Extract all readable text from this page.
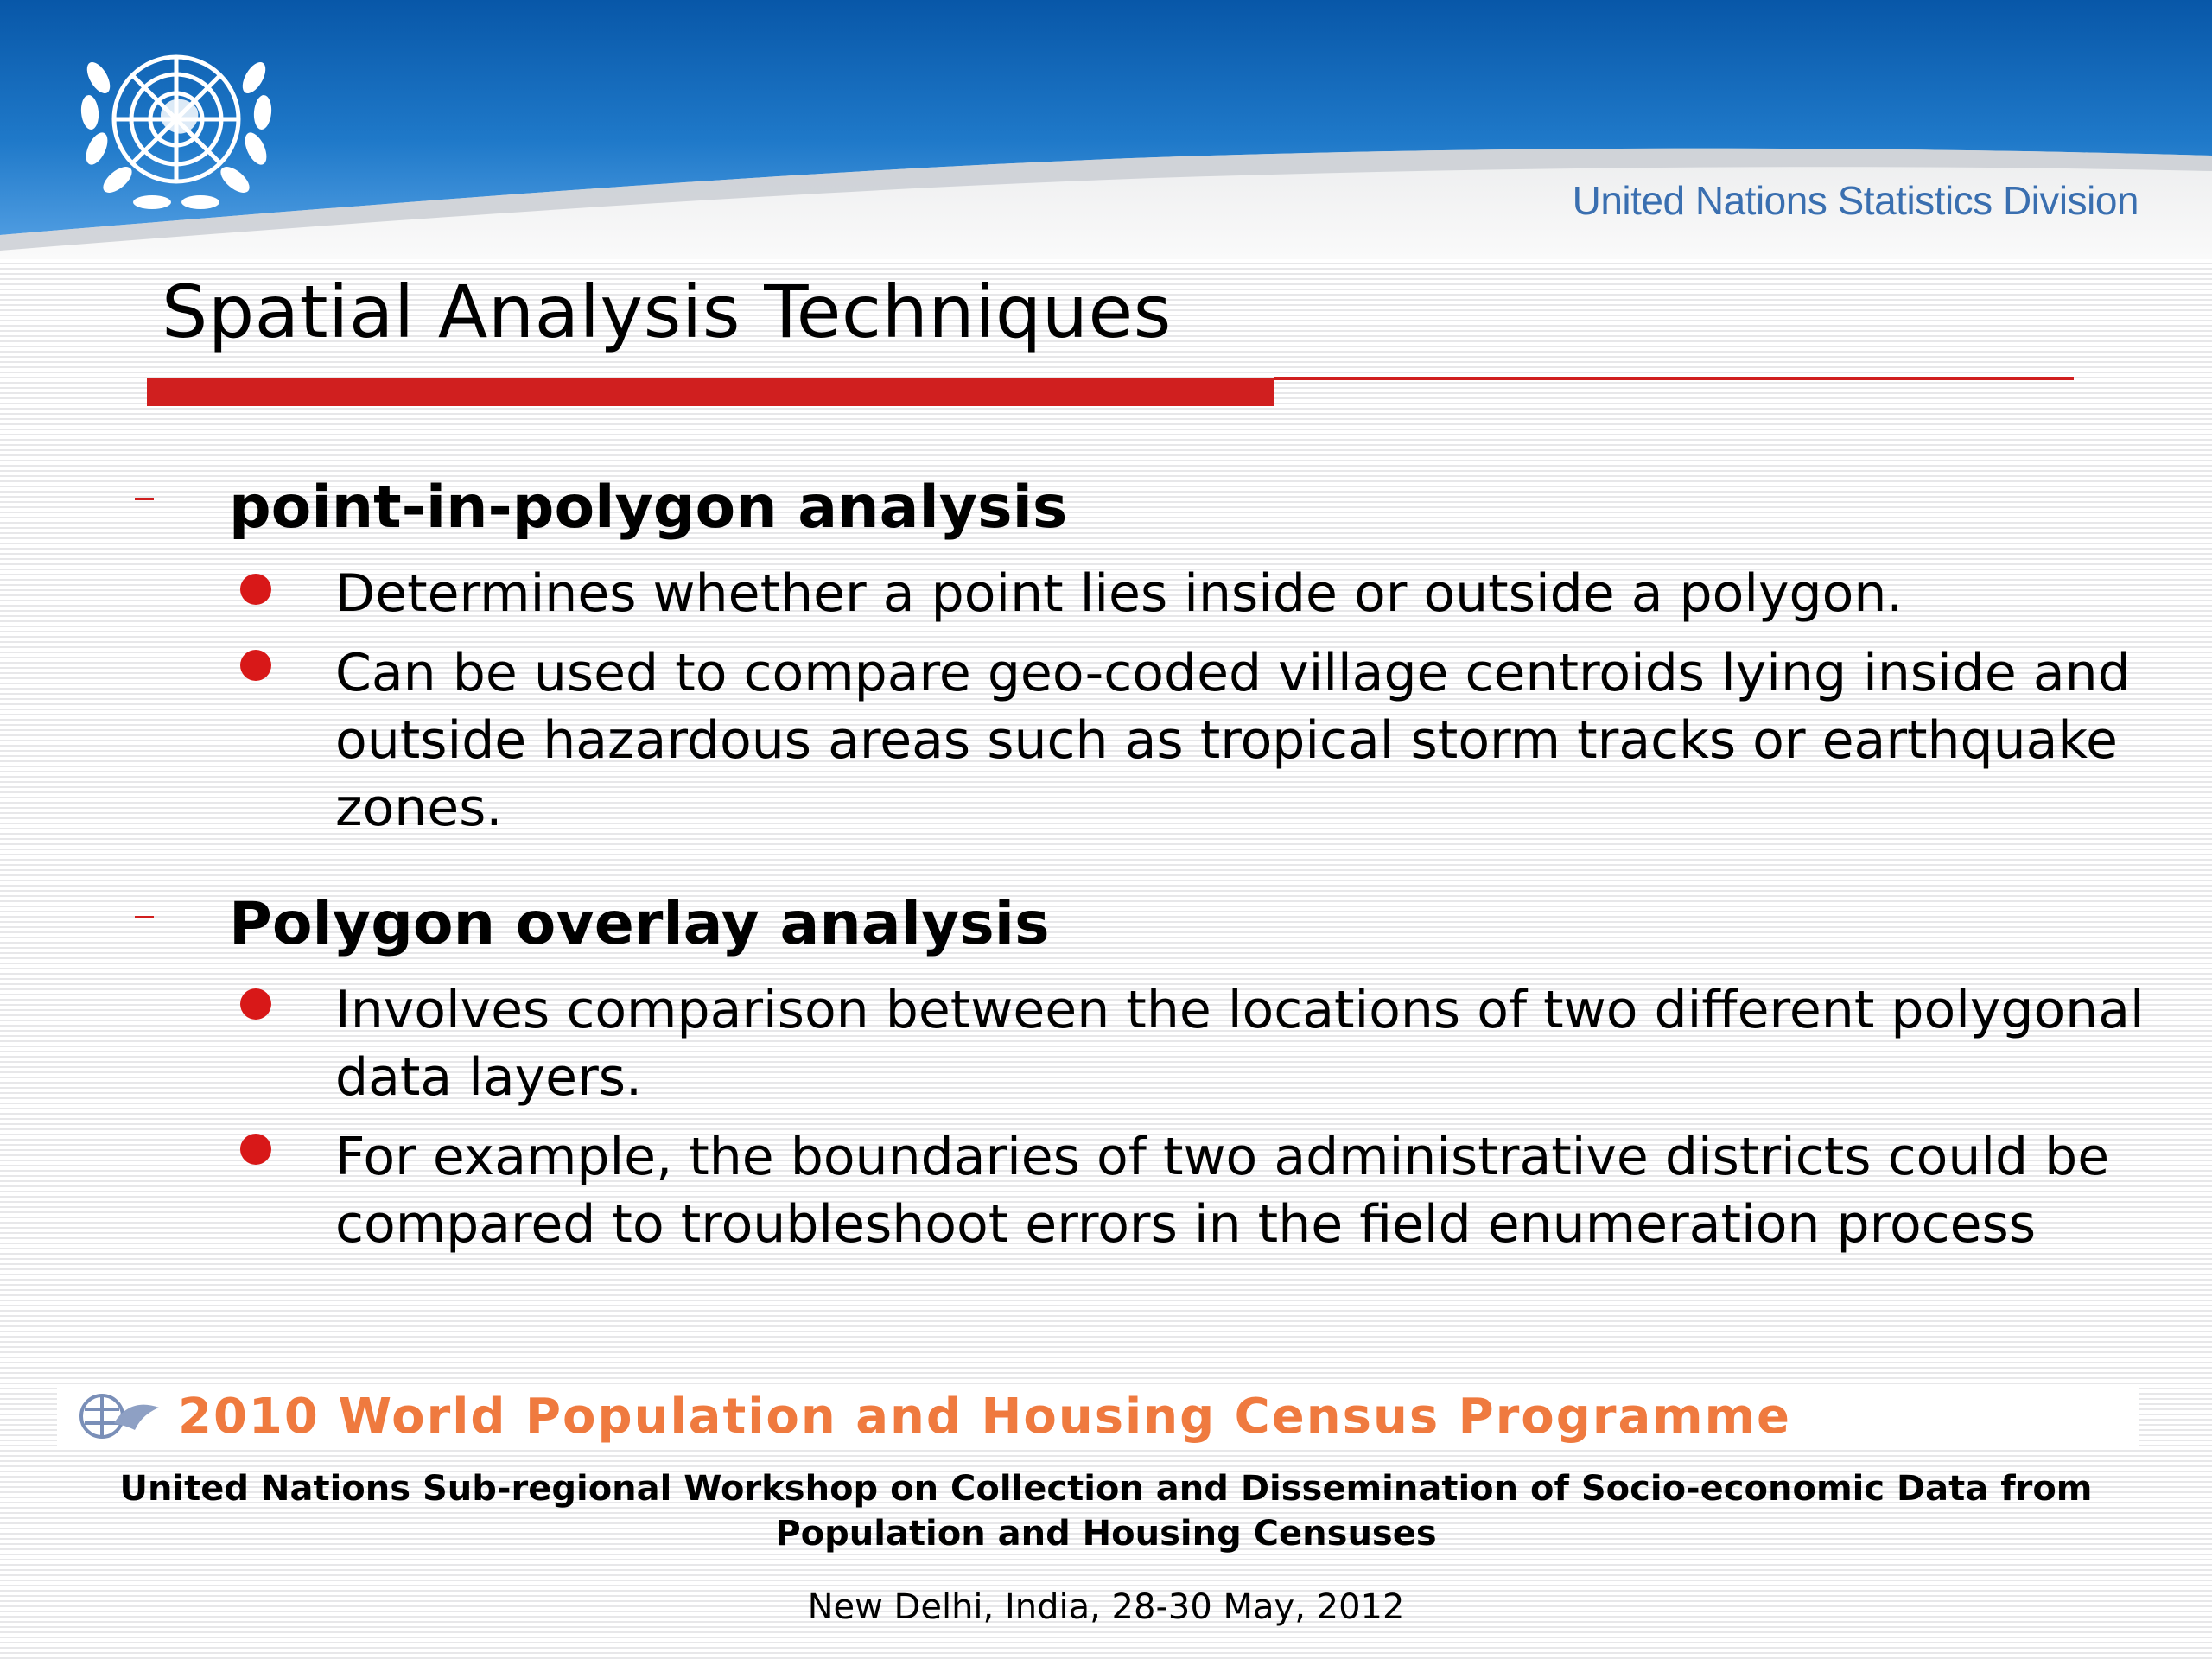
United Nations Statistics Division
Spatial Analysis Techniques
point-in-polygon analysis
Determines whether a point lies inside or outside a polygon.
Can be used to compare geo-coded village centroids lying inside and outside hazardous areas such as tropical storm tracks or earthquake zones.
Polygon overlay analysis
Involves comparison between the locations of two different polygonal data layers.
For example, the boundaries of two administrative districts could be compared to troubleshoot errors in the field enumeration process
2010 World Population and Housing Census Programme
United Nations Sub-regional Workshop on Collection and Dissemination of Socio-economic Data from
Population and Housing Censuses
New Delhi, India, 28-30 May, 2012
